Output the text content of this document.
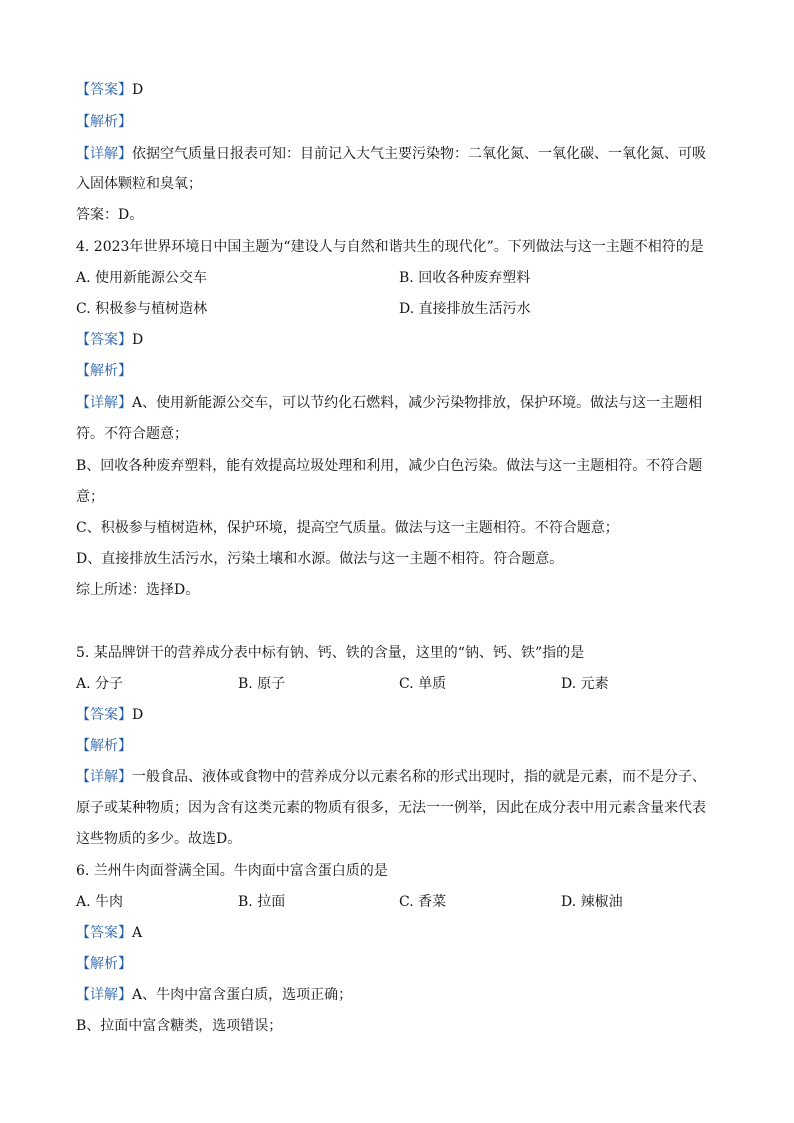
【答案】D
【解析】
【详解】依据空气质量日报表可知：目前记入大气主要污染物：二氧化氮、一氧化碳、一氧化氮、可吸
入固体颗粒和臭氧；
答案：D。
4. 2023年世界环境日中国主题为“建设人与自然和谐共生的现代化”。下列做法与这一主题不相符的是
A. 使用新能源公交车	B. 回收各种废弃塑料
C. 积极参与植树造林	D. 直接排放生活污水
【答案】D
【解析】
【详解】A、使用新能源公交车，可以节约化石燃料，减少污染物排放，保护环境。做法与这一主题相
符。不符合题意；
B、回收各种废弃塑料，能有效提高垃圾处理和利用，减少白色污染。做法与这一主题相符。不符合题
意；
C、积极参与植树造林，保护环境，提高空气质量。做法与这一主题相符。不符合题意；
D、直接排放生活污水，污染土壤和水源。做法与这一主题不相符。符合题意。
综上所述：选择D。
5. 某品牌饼干的营养成分表中标有钠、钙、铁的含量，这里的“钠、钙、铁”指的是
A. 分子	B. 原子	C. 单质	D. 元素
【答案】D
【解析】
【详解】一般食品、液体或食物中的营养成分以元素名称的形式出现时，指的就是元素，而不是分子、
原子或某种物质；因为含有这类元素的物质有很多，无法一一例举，因此在成分表中用元素含量来代表
这些物质的多少。故选D。
6. 兰州牛肉面誉满全国。牛肉面中富含蛋白质的是
A. 牛肉	B. 拉面	C. 香菜	D. 辣椒油
【答案】A
【解析】
【详解】A、牛肉中富含蛋白质，选项正确；
B、拉面中富含糖类，选项错误；
